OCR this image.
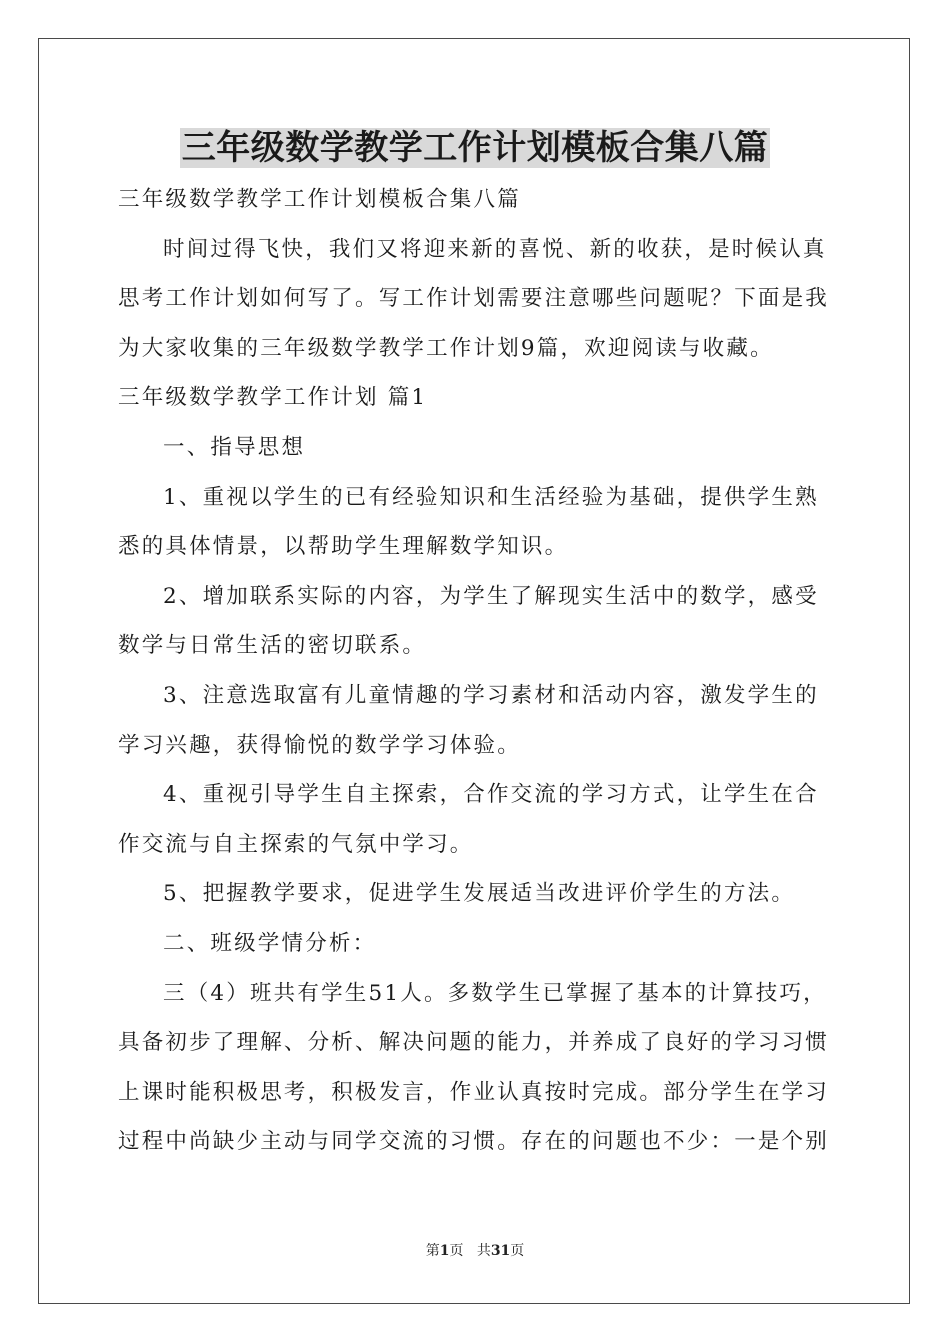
三年级数学教学工作计划模板合集八篇
三年级数学教学工作计划模板合集八篇
时间过得飞快，我们又将迎来新的喜悦、新的收获，是时候认真
思考工作计划如何写了。写工作计划需要注意哪些问题呢？下面是我
为大家收集的三年级数学教学工作计划9篇，欢迎阅读与收藏。
三年级数学教学工作计划 篇1
一、指导思想
1、重视以学生的已有经验知识和生活经验为基础，提供学生熟
悉的具体情景，以帮助学生理解数学知识。
2、增加联系实际的内容，为学生了解现实生活中的数学，感受
数学与日常生活的密切联系。
3、注意选取富有儿童情趣的学习素材和活动内容，激发学生的
学习兴趣，获得愉悦的数学学习体验。
4、重视引导学生自主探索，合作交流的学习方式，让学生在合
作交流与自主探索的气氛中学习。
5、把握教学要求，促进学生发展适当改进评价学生的方法。
二、班级学情分析：
三（4）班共有学生51人。多数学生已掌握了基本的计算技巧，
具备初步了理解、分析、解决问题的能力，并养成了良好的学习习惯
上课时能积极思考，积极发言，作业认真按时完成。部分学生在学习
过程中尚缺少主动与同学交流的习惯。存在的问题也不少：一是个别
第1页 共31页
